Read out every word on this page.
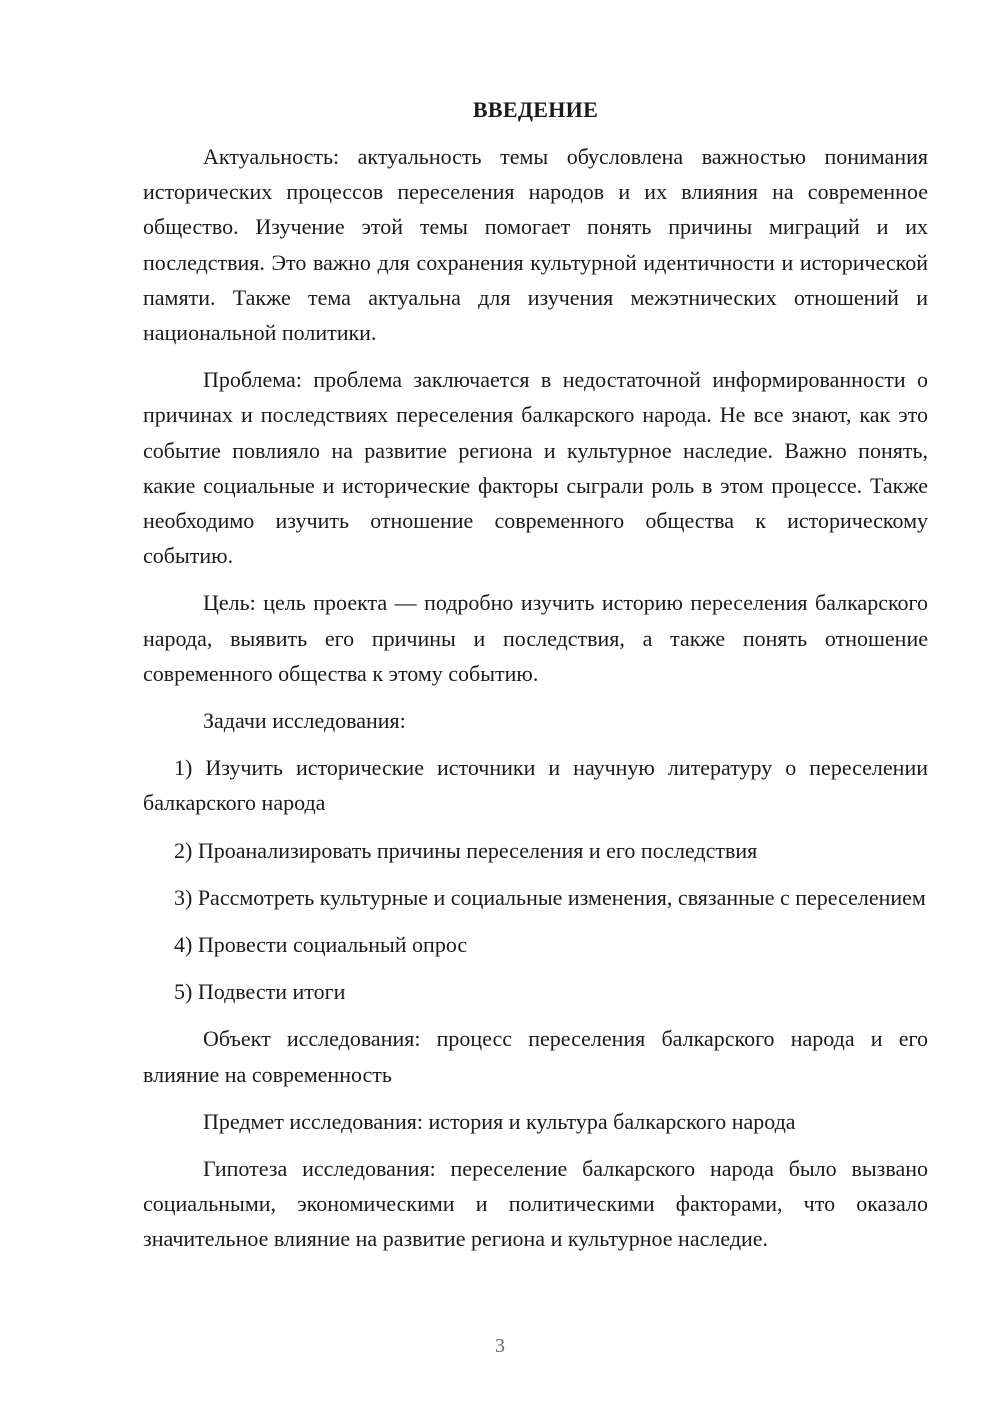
ВВЕДЕНИЕ

Актуальность: актуальность темы обусловлена важностью понимания исторических процессов переселения народов и их влияния на современное общество. Изучение этой темы помогает понять причины миграций и их последствия. Это важно для сохранения культурной идентичности и исторической памяти. Также тема актуальна для изучения межэтнических отношений и национальной политики.

Проблема: проблема заключается в недостаточной информированности о причинах и последствиях переселения балкарского народа. Не все знают, как это событие повлияло на развитие региона и культурное наследие. Важно понять, какие социальные и исторические факторы сыграли роль в этом процессе. Также необходимо изучить отношение современного общества к историческому событию.

Цель: цель проекта — подробно изучить историю переселения балкарского народа, выявить его причины и последствия, а также понять отношение современного общества к этому событию.

Задачи исследования:

1) Изучить исторические источники и научную литературу о переселении балкарского народа

2) Проанализировать причины переселения и его последствия

3) Рассмотреть культурные и социальные изменения, связанные с переселением

4) Провести социальный опрос

5) Подвести итоги

Объект исследования: процесс переселения балкарского народа и его влияние на современность

Предмет исследования: история и культура балкарского народа

Гипотеза исследования: переселение балкарского народа было вызвано социальными, экономическими и политическими факторами, что оказало значительное влияние на развитие региона и культурное наследие.

3
